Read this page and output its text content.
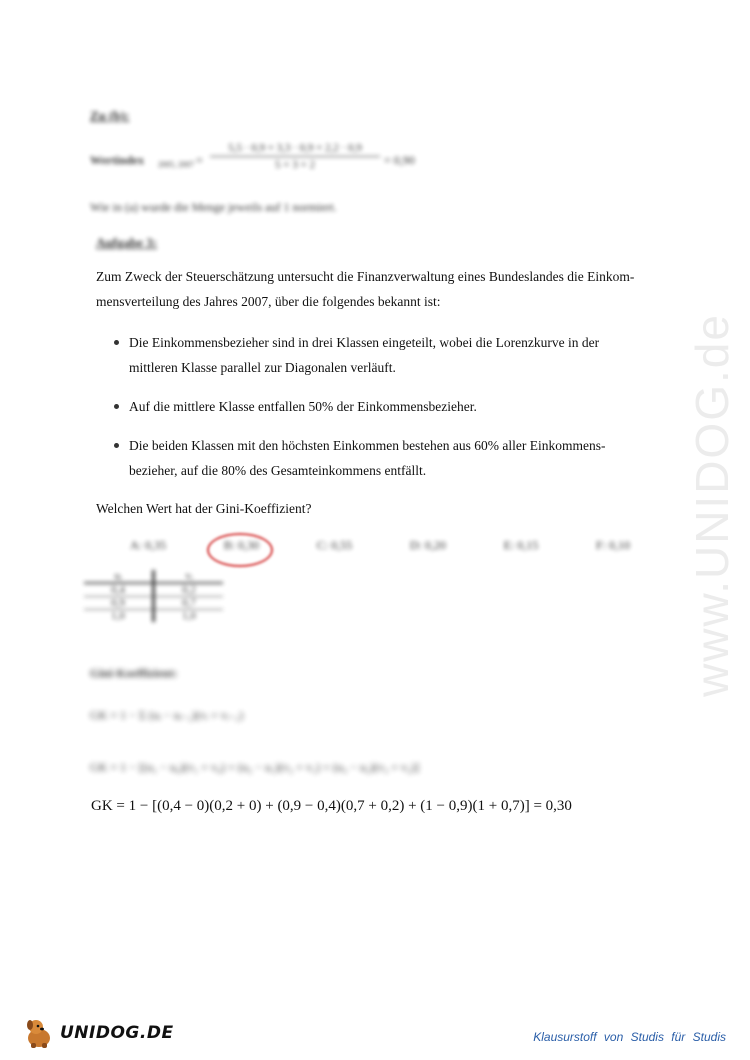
www.UNIDOG.de
Zu (b):
Wertindex 2005, $2007 = \frac{5,5 \cdot 0,9 + 3,3 \cdot 0,9 + 2,2 \cdot 0,9}{5 + 3 + 2} = 0,90$
Wie in (a) wurde die Menge jeweils auf 1 normiert.
Aufgabe 3:
Zum Zweck der Steuerschätzung untersucht die Finanzverwaltung eines Bundeslandes die Einkom-
mensverteilung des Jahres 2007, über die folgendes bekannt ist:
Die Einkommensbezieher sind in drei Klassen eingeteilt, wobei die Lorenzkurve in der
mittleren Klasse parallel zur Diagonalen verläuft.
Auf die mittlere Klasse entfallen 50% der Einkommensbezieher.
Die beiden Klassen mit den höchsten Einkommen bestehen aus 60% aller Einkommens-
bezieher, auf die 80% des Gesamteinkommens entfällt.
Welchen Wert hat der Gini-Koeffizient?
A: 0,35	B: 0,30	C: 0,55	D: 0,20	E: 0,15	F: 0,10
uᵢ	vᵢ
0,4	0,2
0,9	0,7
1,0	1,0
Gini-Koeffizient:
GK = 1 − Σ (uᵢ − uᵢ₋₁)(vᵢ + vᵢ₋₁)
GK = 1 − [(u₁ − u₀)(v₁ + v₀) + (u₂ − u₁)(v₂ + v₁) + (u₃ − u₂)(v₃ + v₂)]
GK = 1 − [(0,4 − 0)(0,2 + 0) + (0,9 − 0,4)(0,7 + 0,2) + (1 − 0,9)(1 + 0,7)] = 0,30
UNIDOG.DE	Klausurstoff von Studis für Studis
